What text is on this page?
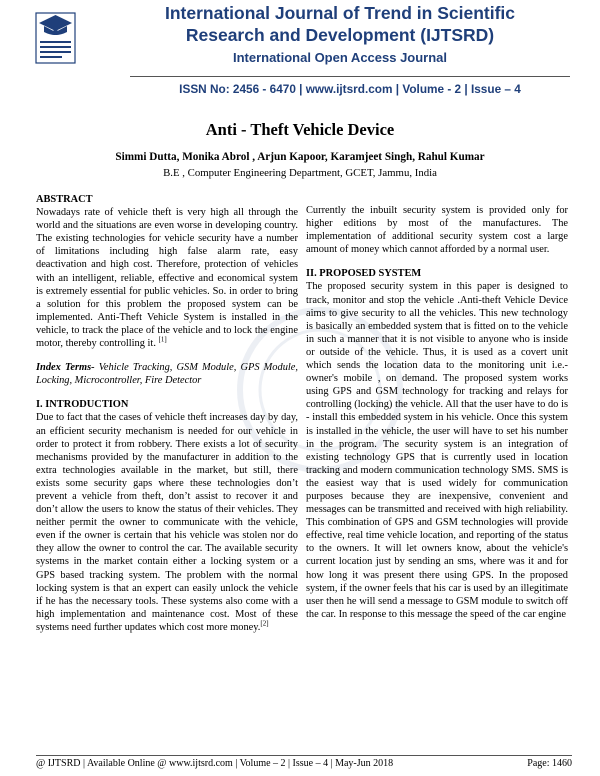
International Journal of Trend in Scientific
Research and Development (IJTSRD)
International Open Access Journal
ISSN No: 2456 - 6470 | www.ijtsrd.com | Volume - 2 | Issue – 4
Anti - Theft Vehicle Device
Simmi Dutta, Monika Abrol , Arjun Kapoor, Karamjeet Singh, Rahul Kumar
B.E , Computer Engineering Department, GCET, Jammu, India

ABSTRACT

Nowadays rate of vehicle theft is very high all through the world and the situations are even worse in developing country. The existing technologies for vehicle security have a number of limitations including high false alarm rate, easy deactivation and high cost. Therefore, protection of vehicles with an intelligent, reliable, effective and economical system is extremely essential for public vehicles. So. in order to bring a solution for this problem the proposed system can be implemented. Anti-Theft Vehicle System is installed in the vehicle, to track the place of the vehicle and to lock the engine motor, thereby controlling it. [1]

Index Terms- Vehicle Tracking, GSM Module, GPS Module, Locking, Microcontroller, Fire Detector

I. INTRODUCTION

Due to fact that the cases of vehicle theft increases day by day, an efficient security mechanism is needed for our vehicle in order to protect it from robbery. There exists a lot of security mechanisms provided by the manufacturer in addition to the extra technologies available in the market, but still, there exists some security gaps where these technologies don’t prevent a vehicle from theft, don’t assist to recover it and don’t allow the users to know the status of their vehicles. They neither permit the owner to communicate with the vehicle, even if the owner is certain that his vehicle was stolen nor do they allow the owner to control the car. The available security systems in the market contain either a locking system or a GPS based tracking system. The problem with the normal locking system is that an expert can easily unlock the vehicle if he has the necessary tools. These systems also come with a high implementation and maintenance cost. Most of these systems need further updates which cost more money.[2]

Currently the inbuilt security system is provided only for higher editions by most of the manufactures. The implementation of additional security system cost a large amount of money which cannot afforded by a normal user.

II. PROPOSED SYSTEM

The proposed security system in this paper is designed to track, monitor and stop the vehicle .Anti-theft Vehicle Device aims to give security to all the vehicles. This new technology is basically an embedded system that is fitted on to the vehicle in such a manner that it is not visible to anyone who is inside or outside of the vehicle. Thus, it is used as a covert unit which sends the location data to the monitoring unit i.e.- owner's mobile , on demand. The proposed system works using GPS and GSM technology for tracking and relays for controlling (locking) the vehicle. All that the user have to do is - install this embedded system in his vehicle. Once this system is installed in the vehicle, the user will have to set his number in the program. The security system is an integration of existing technology GPS that is currently used in location tracking and modern communication technology SMS. SMS is the easiest way that is used widely for communication purposes because they are inexpensive, convenient and messages can be transmitted and received with high reliability. This combination of GPS and GSM technologies will provide effective, real time vehicle location, and reporting of the status to the owners. It will let owners know, about the vehicle's current location just by sending an sms, where was it and for how long it was present there using GPS. In the proposed system, if the owner feels that his car is used by an illegitimate user then he will send a message to GSM module to switch off the car. In response to this message the speed of the car engine

@ IJTSRD | Available Online @ www.ijtsrd.com | Volume – 2 | Issue – 4 | May-Jun 2018	Page: 1460
